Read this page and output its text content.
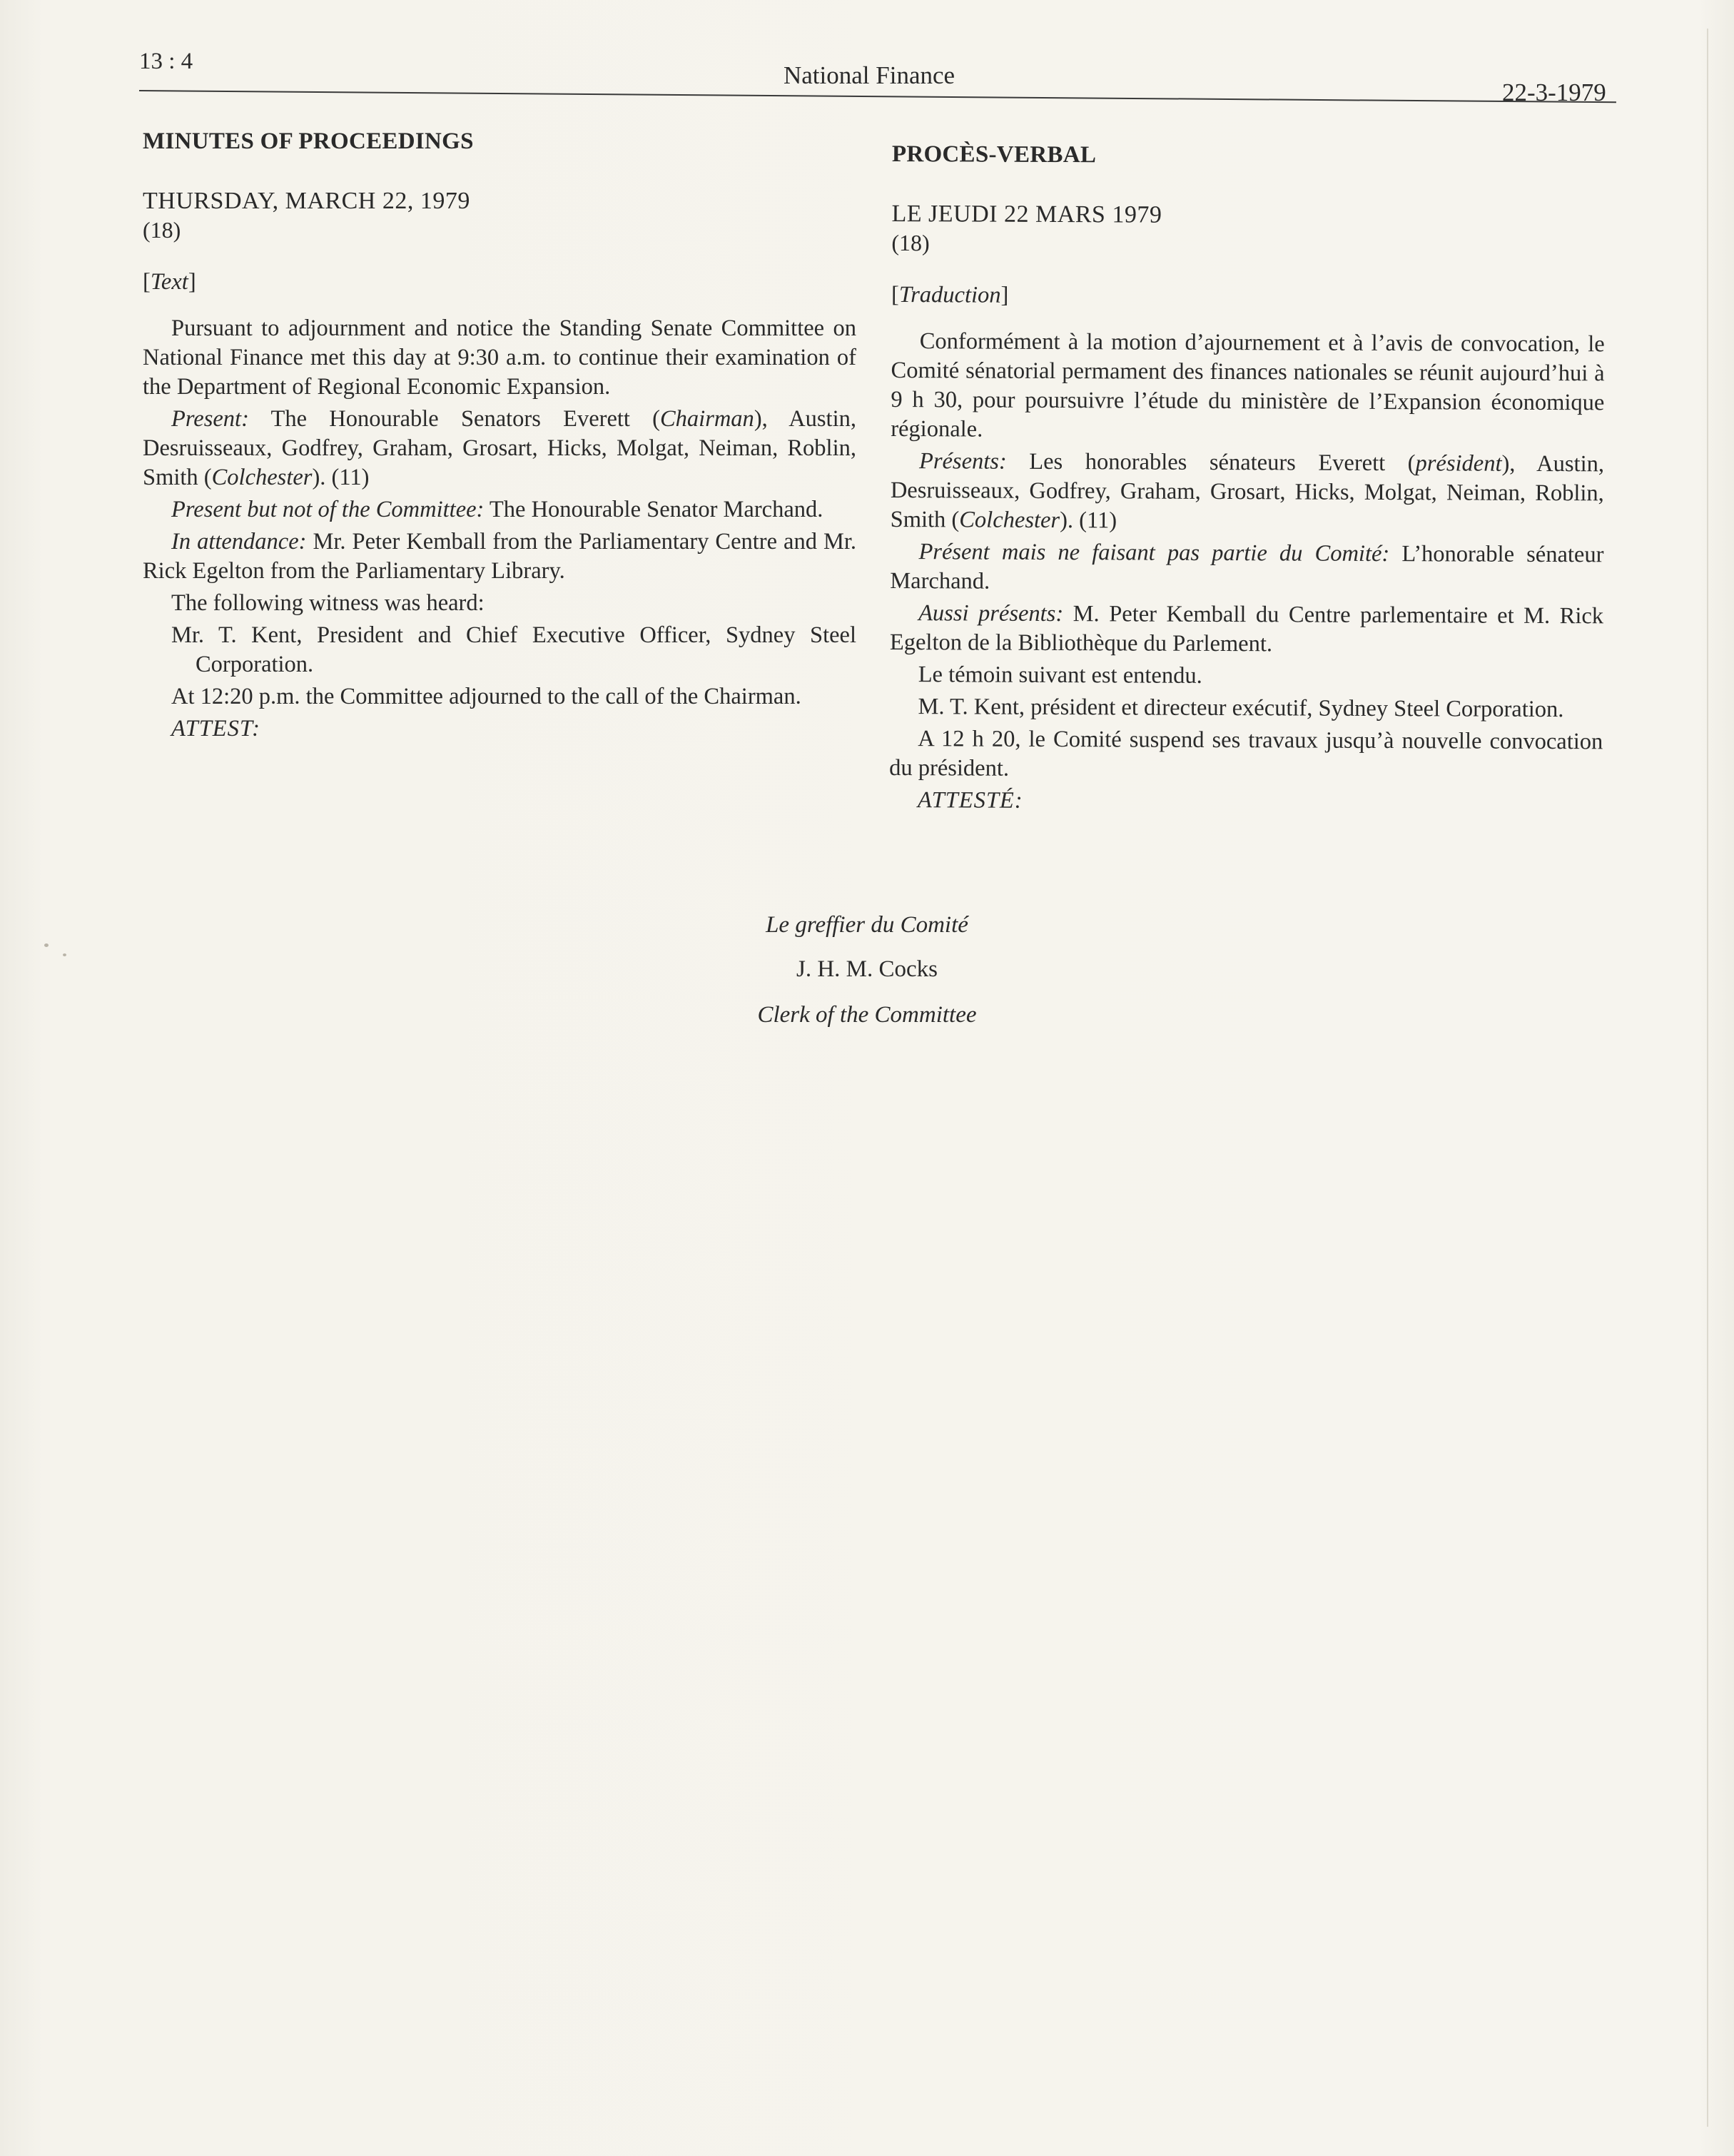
13 : 4	National Finance
22-3-1979
MINUTES OF PROCEEDINGS
THURSDAY, MARCH 22, 1979
(18)
[Text]

Pursuant to adjournment and notice the Standing Senate Committee on National Finance met this day at 9:30 a.m. to continue their examination of the Department of Regional Economic Expansion.

Present: The Honourable Senators Everett (Chairman), Austin, Desruisseaux, Godfrey, Graham, Grosart, Hicks, Molgat, Neiman, Roblin, Smith (Colchester). (11)

Present but not of the Committee: The Honourable Senator Marchand.

In attendance: Mr. Peter Kemball from the Parliamentary Centre and Mr. Rick Egelton from the Parliamentary Library.

The following witness was heard:

Mr. T. Kent, President and Chief Executive Officer, Sydney Steel Corporation.

At 12:20 p.m. the Committee adjourned to the call of the Chairman.

ATTEST:
PROCÈS-VERBAL
LE JEUDI 22 MARS 1979
(18)
[Traduction]

Conformément à la motion d’ajournement et à l’avis de convocation, le Comité sénatorial permament des finances nationales se réunit aujourd’hui à 9 h 30, pour poursuivre l’étude du ministère de l’Expansion économique régionale.

Présents: Les honorables sénateurs Everett (président), Austin, Desruisseaux, Godfrey, Graham, Grosart, Hicks, Molgat, Neiman, Roblin, Smith (Colchester). (11)

Présent mais ne faisant pas partie du Comité: L’honorable sénateur Marchand.

Aussi présents: M. Peter Kemball du Centre parlementaire et M. Rick Egelton de la Bibliothèque du Parlement.

Le témoin suivant est entendu.

M. T. Kent, président et directeur exécutif, Sydney Steel Corporation.

A 12 h 20, le Comité suspend ses travaux jusqu’à nouvelle convocation du président.

ATTESTÉ:
Le greffier du Comité
J. H. M. Cocks
Clerk of the Committee
